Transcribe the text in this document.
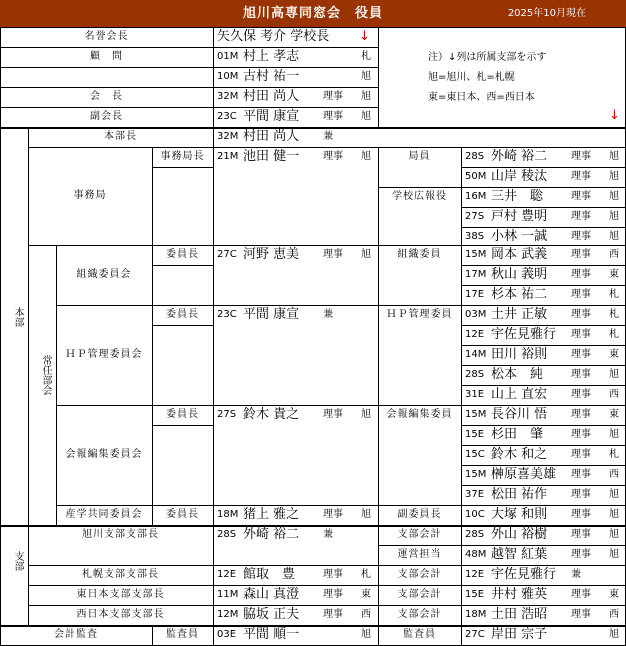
旭川高専同窓会　役員	2025年10月現在
名誉会長	矢久保 考介 学校長	↓
顧　問	01M 村上 孝志	札
10M 古村 祐一	旭
会　長	32M 村田 尚人	理事	旭
副会長	23C 平間 康宣	理事	旭
注）↓列は所属支部を示す
旭=旭川、札=札幌
東=東日本、西=西日本
↓
本部
常任部会
本部長	32M 村田 尚人	兼
事務局
事務局長	21M 池田 健一	理事	旭	局員	28S 外崎 裕二	理事	旭
50M 山岸 稜汰	理事	旭
学校広報役	16M 三井　聡	理事	旭
27S 戸村 豊明	理事	旭
38S 小林 一誠	理事	旭
組織委員会
委員長	27C 河野 恵美	理事	旭	組織委員	15M 岡本 武義	理事	西
17M 秋山 義明	理事	東
17E 杉本 祐二	理事	札
ＨＰ管理委員会
委員長	23C 平間 康宣	兼	ＨＰ管理委員	03M 土井 正敏	理事	札
12E 宇佐見雅行	理事	札
14M 田川 裕則	理事	東
28S 松本　純	理事	旭
31E 山上 直宏	理事	西
会報編集委員会
委員長	27S 鈴木 貴之	理事	旭	会報編集委員	15M 長谷川 悟	理事	東
15E 杉田　肇	理事	旭
15C 鈴木 和之	理事	札
15M 榊原喜美雄	理事	西
37E 松田 祐作	理事	旭
産学共同委員会	委員長	18M 猪上 雅之	理事	旭	副委員長	10C 大塚 和則	理事	旭
支部
旭川支部支部長	28S 外崎 裕二	兼	支部会計	28S 外山 裕樹	理事	旭
運営担当	48M 越智 紅葉	理事	旭
札幌支部支部長	12E 館取　豊	理事	札	支部会計	12E 宇佐見雅行	兼
東日本支部支部長	11M 森山 真澄	理事	東	支部会計	15E 井村 雅英	理事	東
西日本支部支部長	12M 脇坂 正夫	理事	西	支部会計	18M 土田 浩昭	理事	西
会計監査	監査員	03E 平間 順一	旭	監査員	27C 岸田 宗子	旭
